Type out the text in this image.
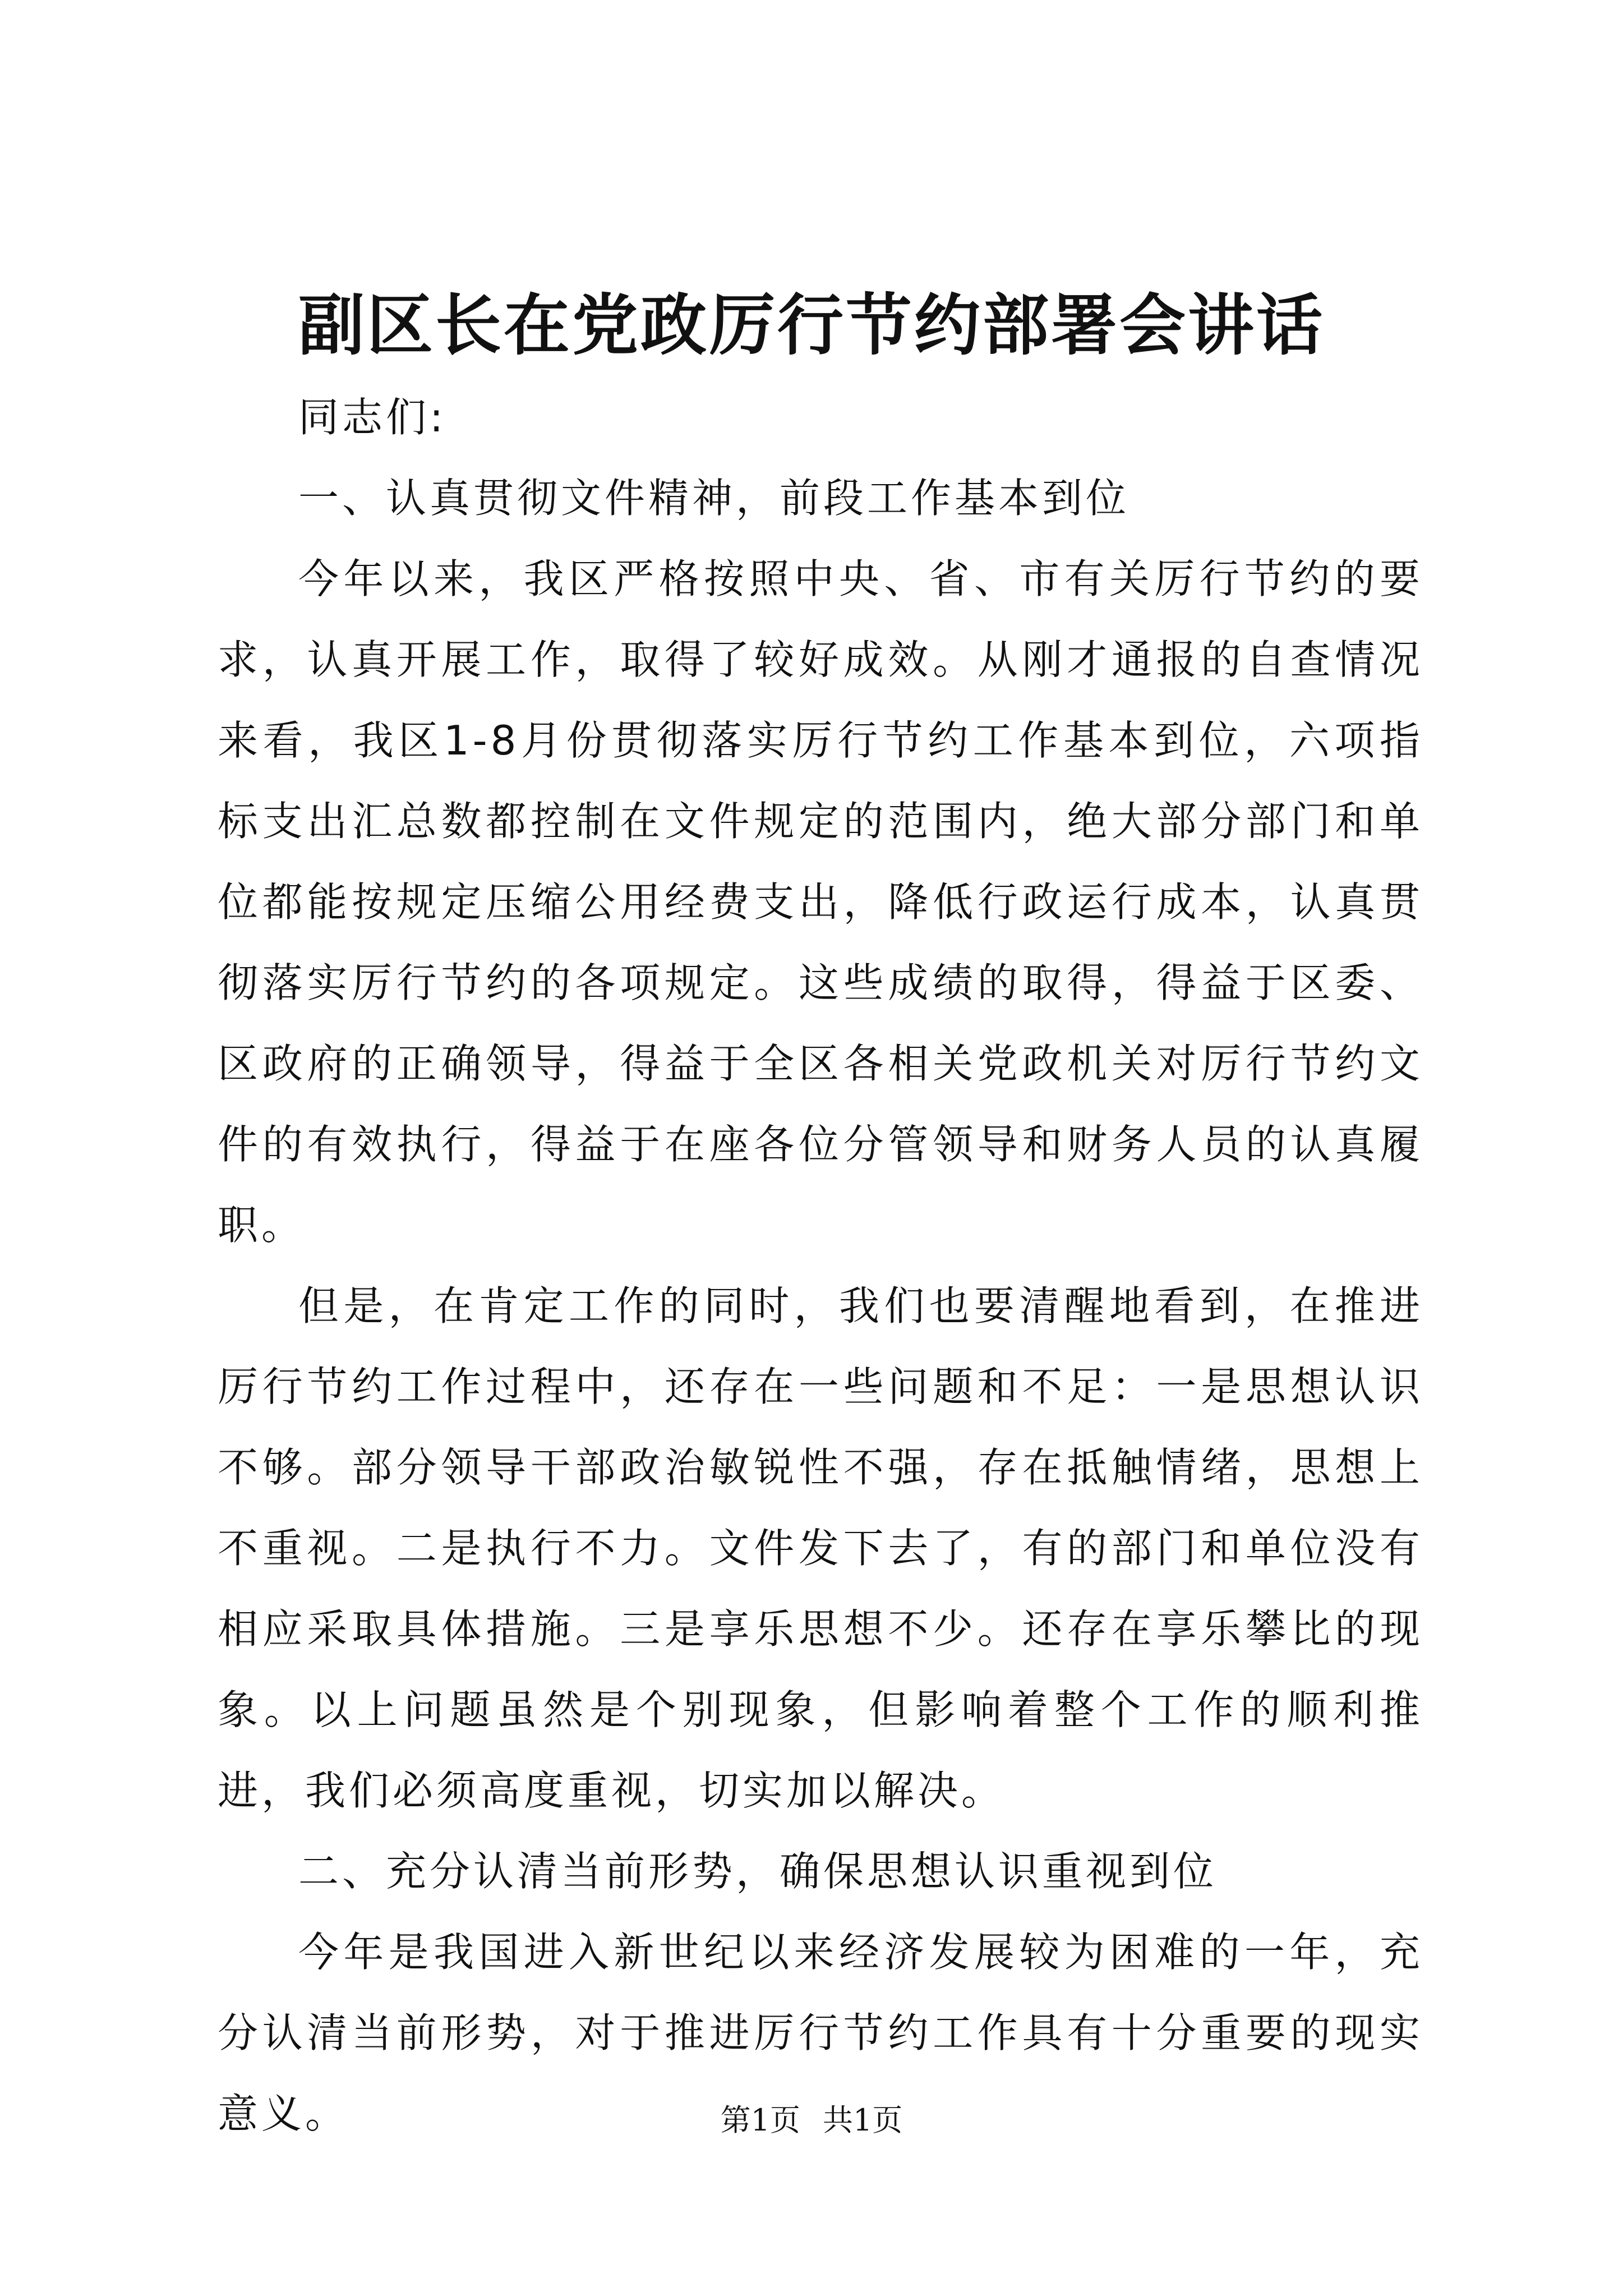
副区长在党政厉行节约部署会讲话

同志们:

一、认真贯彻文件精神，前段工作基本到位

今年以来，我区严格按照中央、省、市有关厉行节约的要求，认真开展工作，取得了较好成效。从刚才通报的自查情况来看，我区1-8月份贯彻落实厉行节约工作基本到位，六项指标支出汇总数都控制在文件规定的范围内，绝大部分部门和单位都能按规定压缩公用经费支出，降低行政运行成本，认真贯彻落实厉行节约的各项规定。这些成绩的取得，得益于区委、区政府的正确领导，得益于全区各相关党政机关对厉行节约文件的有效执行，得益于在座各位分管领导和财务人员的认真履职。

但是，在肯定工作的同时，我们也要清醒地看到，在推进厉行节约工作过程中，还存在一些问题和不足：一是思想认识不够。部分领导干部政治敏锐性不强，存在抵触情绪，思想上不重视。二是执行不力。文件发下去了，有的部门和单位没有相应采取具体措施。三是享乐思想不少。还存在享乐攀比的现象。以上问题虽然是个别现象，但影响着整个工作的顺利推进，我们必须高度重视，切实加以解决。

二、充分认清当前形势，确保思想认识重视到位

今年是我国进入新世纪以来经济发展较为困难的一年，充分认清当前形势，对于推进厉行节约工作具有十分重要的现实意义。	第1页 共1页
